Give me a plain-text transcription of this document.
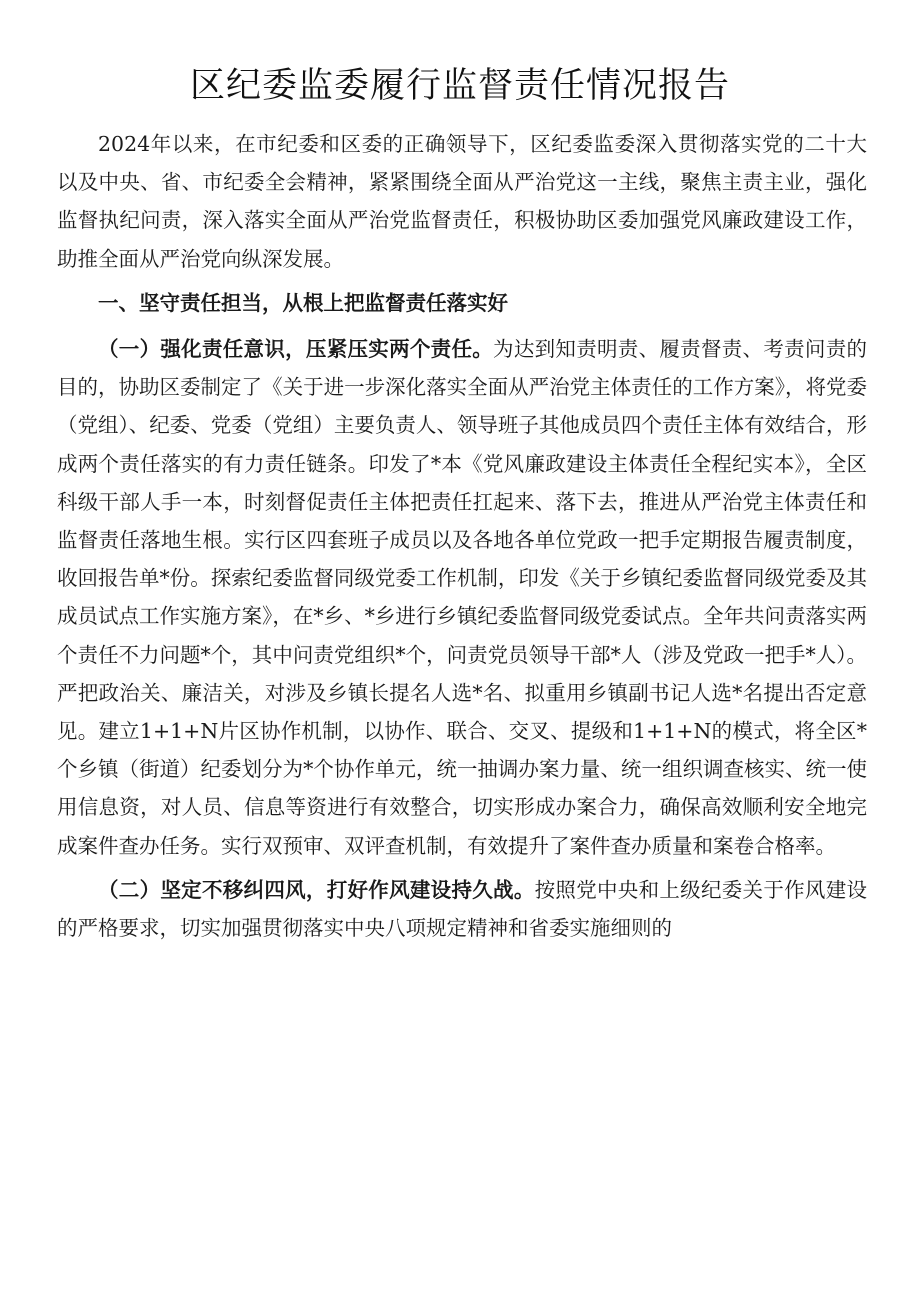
区纪委监委履行监督责任情况报告

2024年以来，在市纪委和区委的正确领导下，区纪委监委深入贯彻落实党的二十大以及中央、省、市纪委全会精神，紧紧围绕全面从严治党这一主线，聚焦主责主业，强化监督执纪问责，深入落实全面从严治党监督责任，积极协助区委加强党风廉政建设工作，助推全面从严治党向纵深发展。

一、坚守责任担当，从根上把监督责任落实好

（一）强化责任意识，压紧压实两个责任。为达到知责明责、履责督责、考责问责的目的，协助区委制定了《关于进一步深化落实全面从严治党主体责任的工作方案》，将党委（党组）、纪委、党委（党组）主要负责人、领导班子其他成员四个责任主体有效结合，形成两个责任落实的有力责任链条。印发了*本《党风廉政建设主体责任全程纪实本》，全区科级干部人手一本，时刻督促责任主体把责任扛起来、落下去，推进从严治党主体责任和监督责任落地生根。实行区四套班子成员以及各地各单位党政一把手定期报告履责制度，收回报告单*份。探索纪委监督同级党委工作机制，印发《关于乡镇纪委监督同级党委及其成员试点工作实施方案》，在*乡、*乡进行乡镇纪委监督同级党委试点。全年共问责落实两个责任不力问题*个，其中问责党组织*个，问责党员领导干部*人（涉及党政一把手*人）。严把政治关、廉洁关，对涉及乡镇长提名人选*名、拟重用乡镇副书记人选*名提出否定意见。建立1+1+N片区协作机制，以协作、联合、交叉、提级和1+1+N的模式，将全区*个乡镇（街道）纪委划分为*个协作单元，统一抽调办案力量、统一组织调查核实、统一使用信息资，对人员、信息等资进行有效整合，切实形成办案合力，确保高效顺利安全地完成案件查办任务。实行双预审、双评查机制，有效提升了案件查办质量和案卷合格率。

（二）坚定不移纠四风，打好作风建设持久战。按照党中央和上级纪委关于作风建设的严格要求，切实加强贯彻落实中央八项规定精神和省委实施细则的
